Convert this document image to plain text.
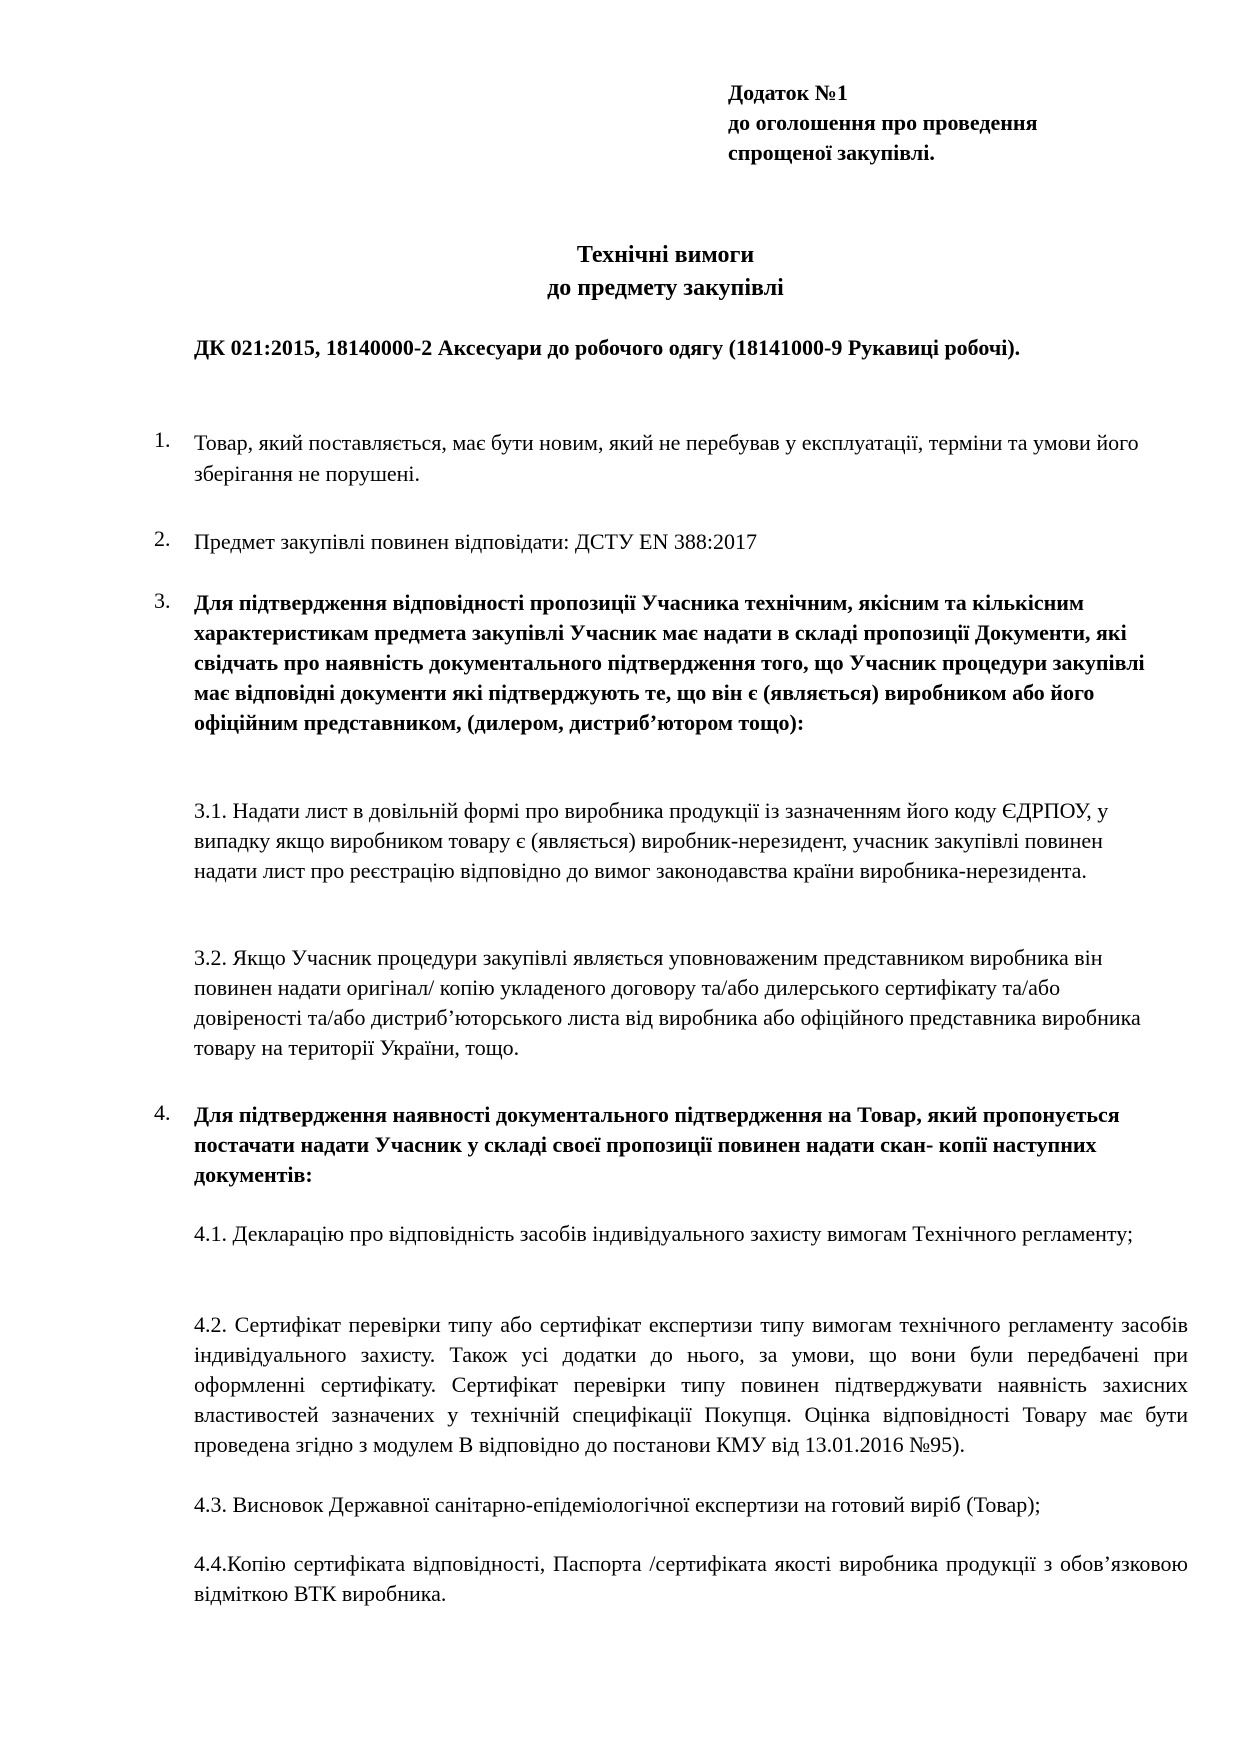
Додаток №1
до оголошення про проведення
спрощеної закупівлі.
Технічні вимоги
до предмету закупівлі
ДК 021:2015, 18140000-2 Аксесуари до робочого одягу (18141000-9 Рукавиці робочі).
1. Товар, який поставляється, має бути новим, який не перебував у експлуатації, терміни та умови його зберігання не порушені.
2. Предмет закупівлі повинен відповідати: ДСТУ EN 388:2017
3. Для підтвердження відповідності пропозиції Учасника технічним, якісним та кількісним характеристикам предмета закупівлі Учасник має надати в складі пропозиції Документи, які свідчать про наявність документального підтвердження того, що Учасник процедури закупівлі має відповідні документи які підтверджують те, що він є (являється) виробником або його офіційним представником, (дилером, дистриб’ютором тощо):
3.1. Надати лист в довільній формі про виробника продукції із зазначенням його коду ЄДРПОУ, у випадку якщо виробником товару є (являється) виробник-нерезидент, учасник закупівлі повинен надати лист про реєстрацію відповідно до вимог законодавства країни виробника-нерезидента.
3.2. Якщо Учасник процедури закупівлі являється уповноваженим представником виробника він повинен надати оригінал/ копію укладеного договору та/або дилерського сертифікату та/або довіреності та/або дистриб’юторського листа від виробника або офіційного представника виробника товару на території України, тощо.
4. Для підтвердження наявності документального підтвердження на Товар, який пропонується постачати надати Учасник у складі своєї пропозиції повинен надати скан- копії наступних документів:
4.1. Декларацію про відповідність засобів індивідуального захисту вимогам Технічного регламенту;
4.2. Сертифікат перевірки типу або сертифікат експертизи типу вимогам технічного регламенту засобів індивідуального захисту. Також усі додатки до нього, за умови, що вони були передбачені при оформленні сертифікату. Сертифікат перевірки типу повинен підтверджувати наявність захисних властивостей зазначених у технічній специфікації Покупця. Оцінка відповідності Товару має бути проведена згідно з модулем В відповідно до постанови КМУ від 13.01.2016 №95).
4.3. Висновок Державної санітарно-епідеміологічної експертизи на готовий виріб (Товар);
4.4.Копію сертифіката відповідності, Паспорта /сертифіката якості виробника продукції з обов’язковою відміткою ВТК виробника.
